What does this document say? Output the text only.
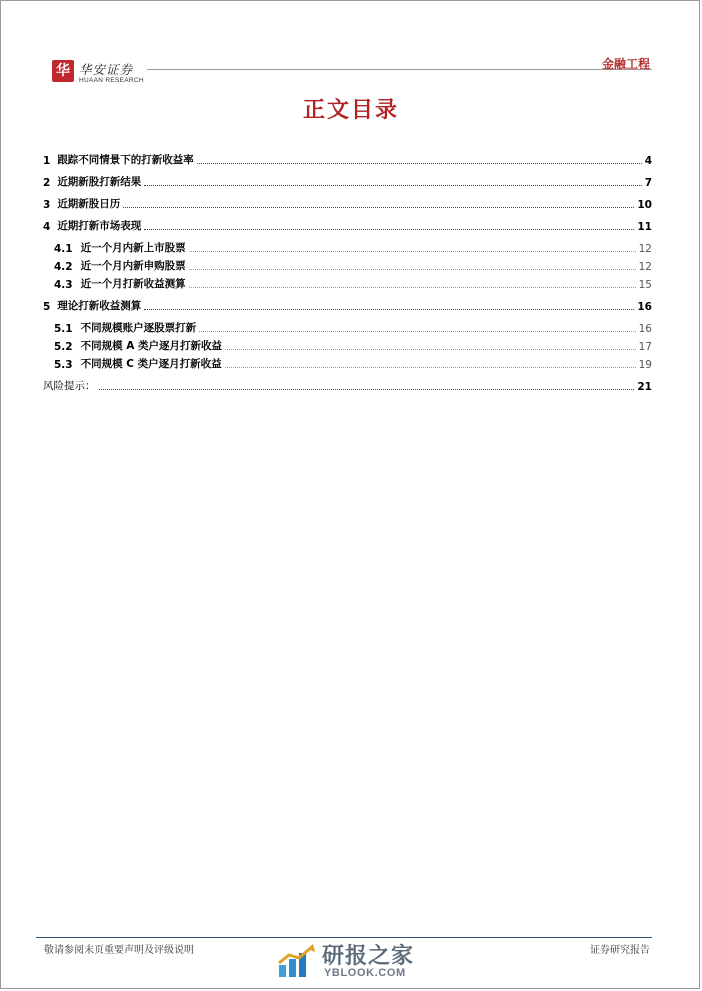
华 华安证券
HUAAN RESEARCH
金融工程
正文目录
1 跟踪不同情景下的打新收益率	4
2 近期新股打新结果	7
3 近期新股日历	10
4 近期打新市场表现	11
4.1 近一个月内新上市股票	12
4.2 近一个月内新申购股票	12
4.3 近一个月打新收益测算	15
5 理论打新收益测算	16
5.1 不同规模账户逐股票打新	16
5.2 不同规模 A 类户逐月打新收益	17
5.3 不同规模 C 类户逐月打新收益	19
风险提示：	21
敬请参阅末页重要声明及评级说明	证券研究报告
研报之家
YBLOOK.COM
